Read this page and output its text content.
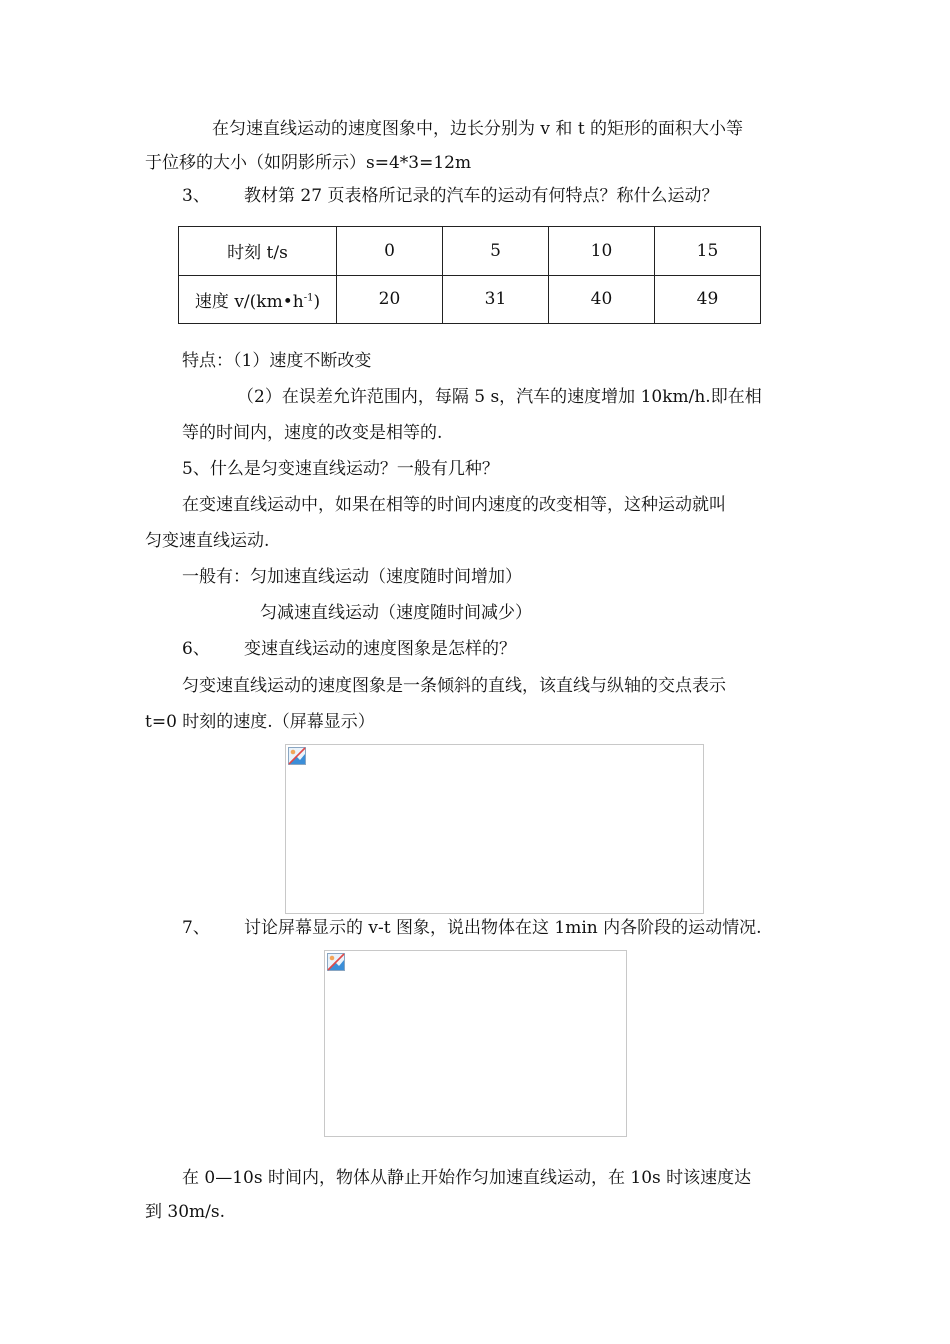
在匀速直线运动的速度图象中，边长分别为 v 和 t 的矩形的面积大小等
于位移的大小（如阴影所示）s=4*3=12m
3、 教材第 27 页表格所记录的汽车的运动有何特点？称什么运动？
时刻 t/s	0	5	10	15
速度 $v/(km•h^{-1})$	20	31	40	49
特点：（1）速度不断改变
（2）在误差允许范围内，每隔 5 s，汽车的速度增加 10km/h.即在相
等的时间内，速度的改变是相等的.
5、什么是匀变速直线运动？一般有几种？
在变速直线运动中，如果在相等的时间内速度的改变相等，这种运动就叫
匀变速直线运动.
一般有：匀加速直线运动（速度随时间增加）
匀减速直线运动（速度随时间减少）
6、 变速直线运动的速度图象是怎样的？
匀变速直线运动的速度图象是一条倾斜的直线，该直线与纵轴的交点表示
t=0 时刻的速度.（屏幕显示）
7、 讨论屏幕显示的 v-t 图象，说出物体在这 1min 内各阶段的运动情况.
在 0—10s 时间内，物体从静止开始作匀加速直线运动，在 10s 时该速度达
到 30m/s.
